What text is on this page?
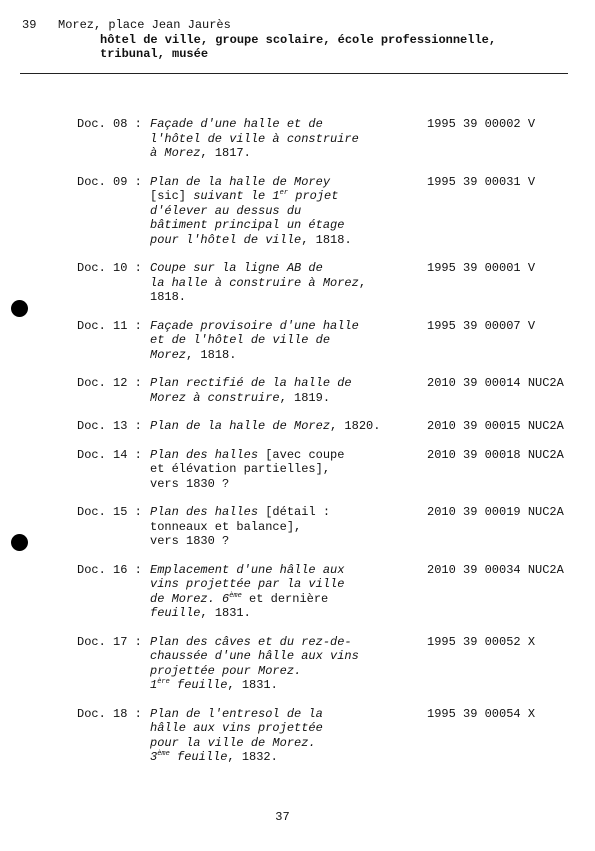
39 Morez, place Jean Jaurès
hôtel de ville, groupe scolaire, école professionnelle,
tribunal, musée
Doc. 08 : Façade d'une halle et de
l'hôtel de ville à construire
à Morez, 1817.
1995 39 00002 V
Doc. 09 : Plan de la halle de Morey
[sic] suivant le 1er projet
d'élever au dessus du
bâtiment principal un étage
pour l'hôtel de ville, 1818.
1995 39 00031 V
Doc. 10 : Coupe sur la ligne AB de
la halle à construire à Morez,
1818.
1995 39 00001 V
Doc. 11 : Façade provisoire d'une halle
et de l'hôtel de ville de
Morez, 1818.
1995 39 00007 V
Doc. 12 : Plan rectifié de la halle de
Morez à construire, 1819.
2010 39 00014 NUC2A
Doc. 13 : Plan de la halle de Morez, 1820.	2010 39 00015 NUC2A
Doc. 14 : Plan des halles [avec coupe
et élévation partielles],
vers 1830 ?
2010 39 00018 NUC2A
Doc. 15 : Plan des halles [détail :
tonneaux et balance],
vers 1830 ?
2010 39 00019 NUC2A
Doc. 16 : Emplacement d'une hâlle aux
vins projettée par la ville
de Morez. 6ème et dernière
feuille, 1831.
2010 39 00034 NUC2A
Doc. 17 : Plan des câves et du rez-de-
chaussée d'une hâlle aux vins
projettée pour Morez.
1ère feuille, 1831.
1995 39 00052 X
Doc. 18 : Plan de l'entresol de la
hâlle aux vins projettée
pour la ville de Morez.
3ème feuille, 1832.
1995 39 00054 X
37
